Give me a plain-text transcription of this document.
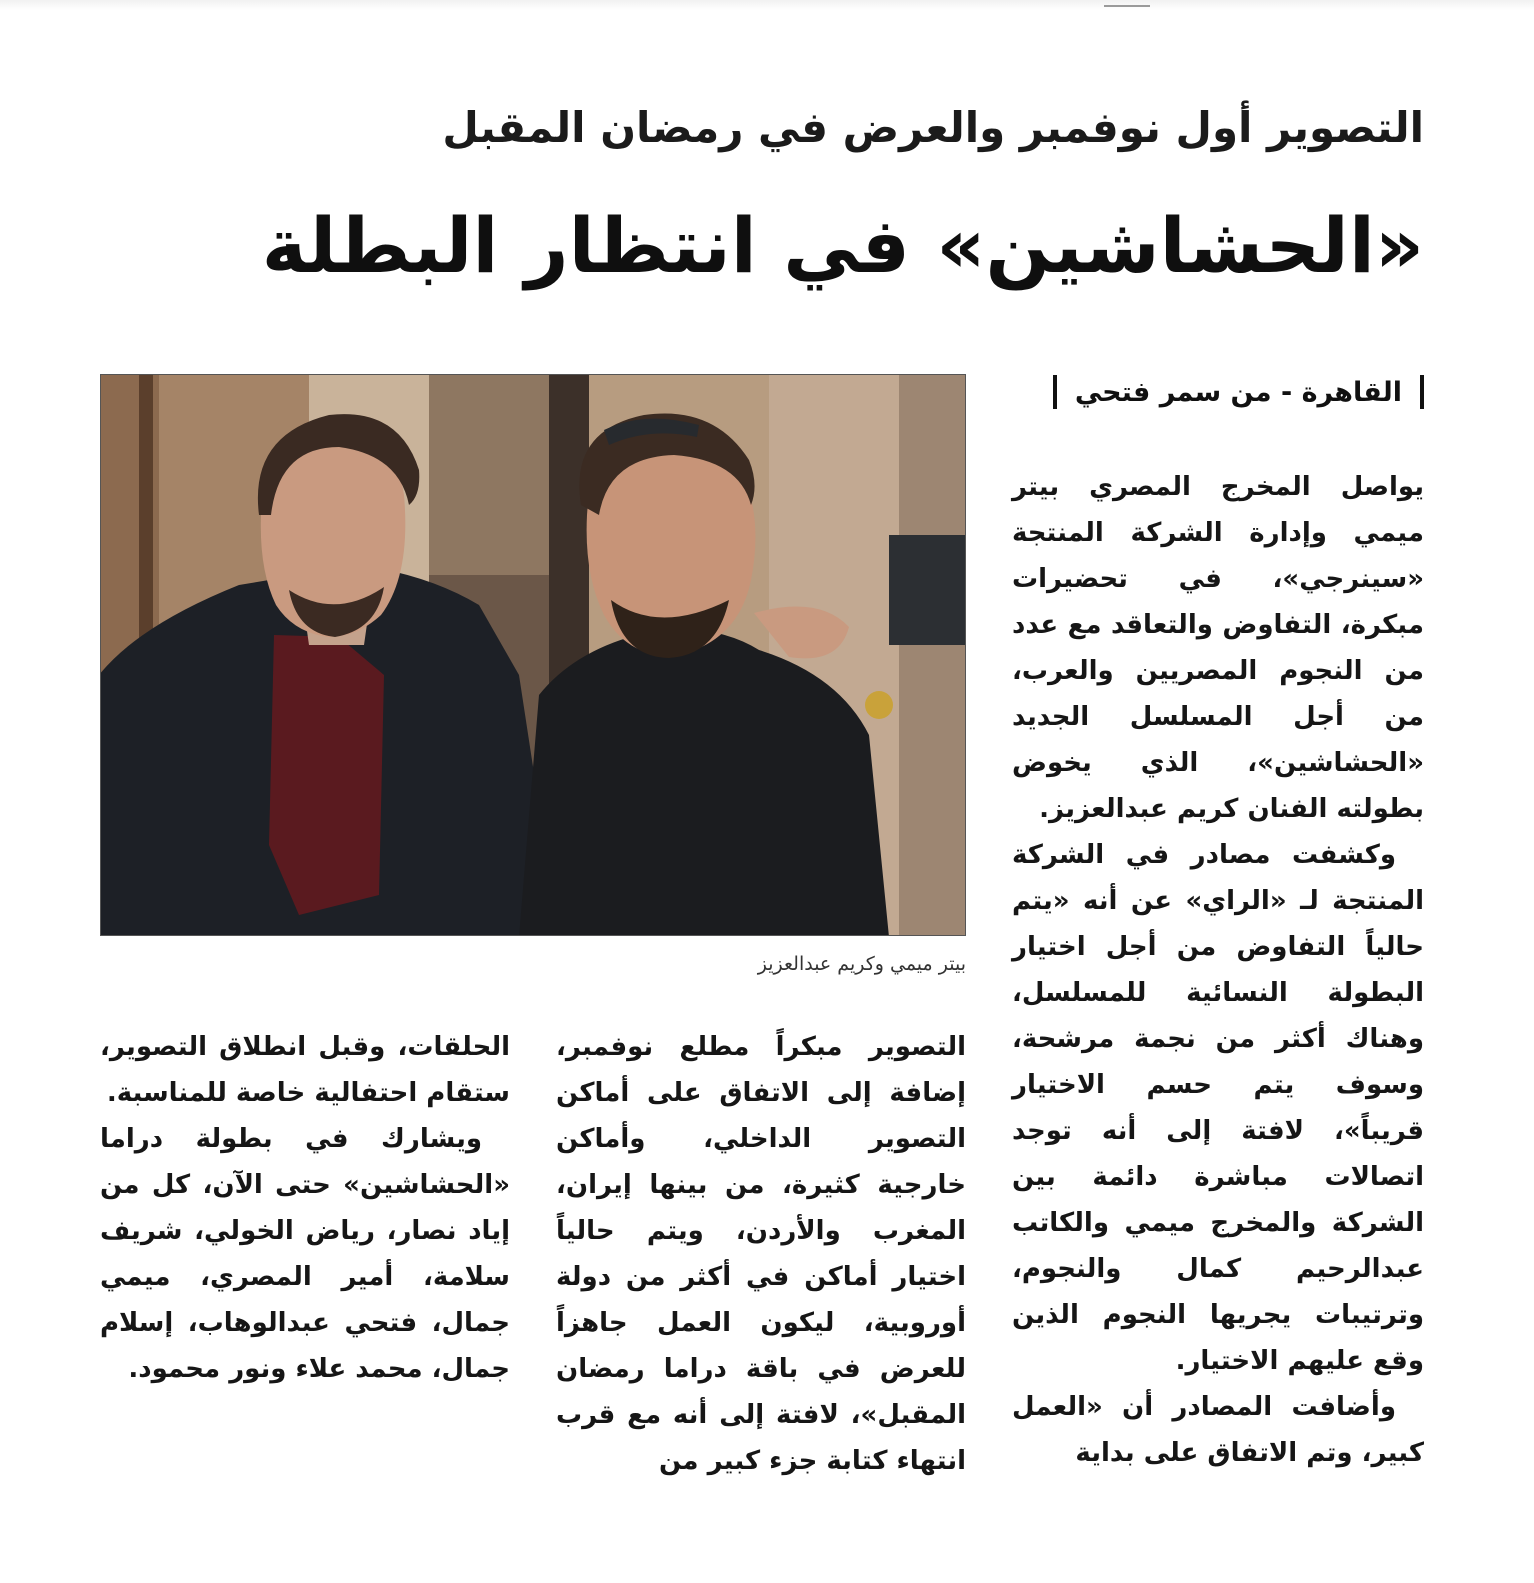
التصوير أول نوفمبر والعرض في رمضان المقبل
«الحشاشين» في انتظار البطلة
القاهرة - من سمر فتحي
بيتر ميمي وكريم عبدالعزيز

يواصل المخرج المصري بيتر ميمي وإدارة الشركة المنتجة «سينرجي»، في تحضيرات مبكرة، التفاوض والتعاقد مع عدد من النجوم المصريين والعرب، من أجل المسلسل الجديد «الحشاشين»، الذي يخوض بطولته الفنان كريم عبدالعزيز.

وكشفت مصادر في الشركة المنتجة لـ «الراي» عن أنه «يتم حالياً التفاوض من أجل اختيار البطولة النسائية للمسلسل، وهناك أكثر من نجمة مرشحة، وسوف يتم حسم الاختيار قريباً»، لافتة إلى أنه توجد اتصالات مباشرة دائمة بين الشركة والمخرج ميمي والكاتب عبدالرحيم كمال والنجوم، وترتيبات يجريها النجوم الذين وقع عليهم الاختيار.

وأضافت المصادر أن «العمل كبير، وتم الاتفاق على بداية

التصوير مبكراً مطلع نوفمبر، إضافة إلى الاتفاق على أماكن التصوير الداخلي، وأماكن خارجية كثيرة، من بينها إيران، المغرب والأردن، ويتم حالياً اختيار أماكن في أكثر من دولة أوروبية، ليكون العمل جاهزاً للعرض في باقة دراما رمضان المقبل»، لافتة إلى أنه مع قرب انتهاء كتابة جزء كبير من

الحلقات، وقبل انطلاق التصوير، ستقام احتفالية خاصة للمناسبة.

ويشارك في بطولة دراما «الحشاشين» حتى الآن، كل من إياد نصار، رياض الخولي، شريف سلامة، أمير المصري، ميمي جمال، فتحي عبدالوهاب، إسلام جمال، محمد علاء ونور محمود.
